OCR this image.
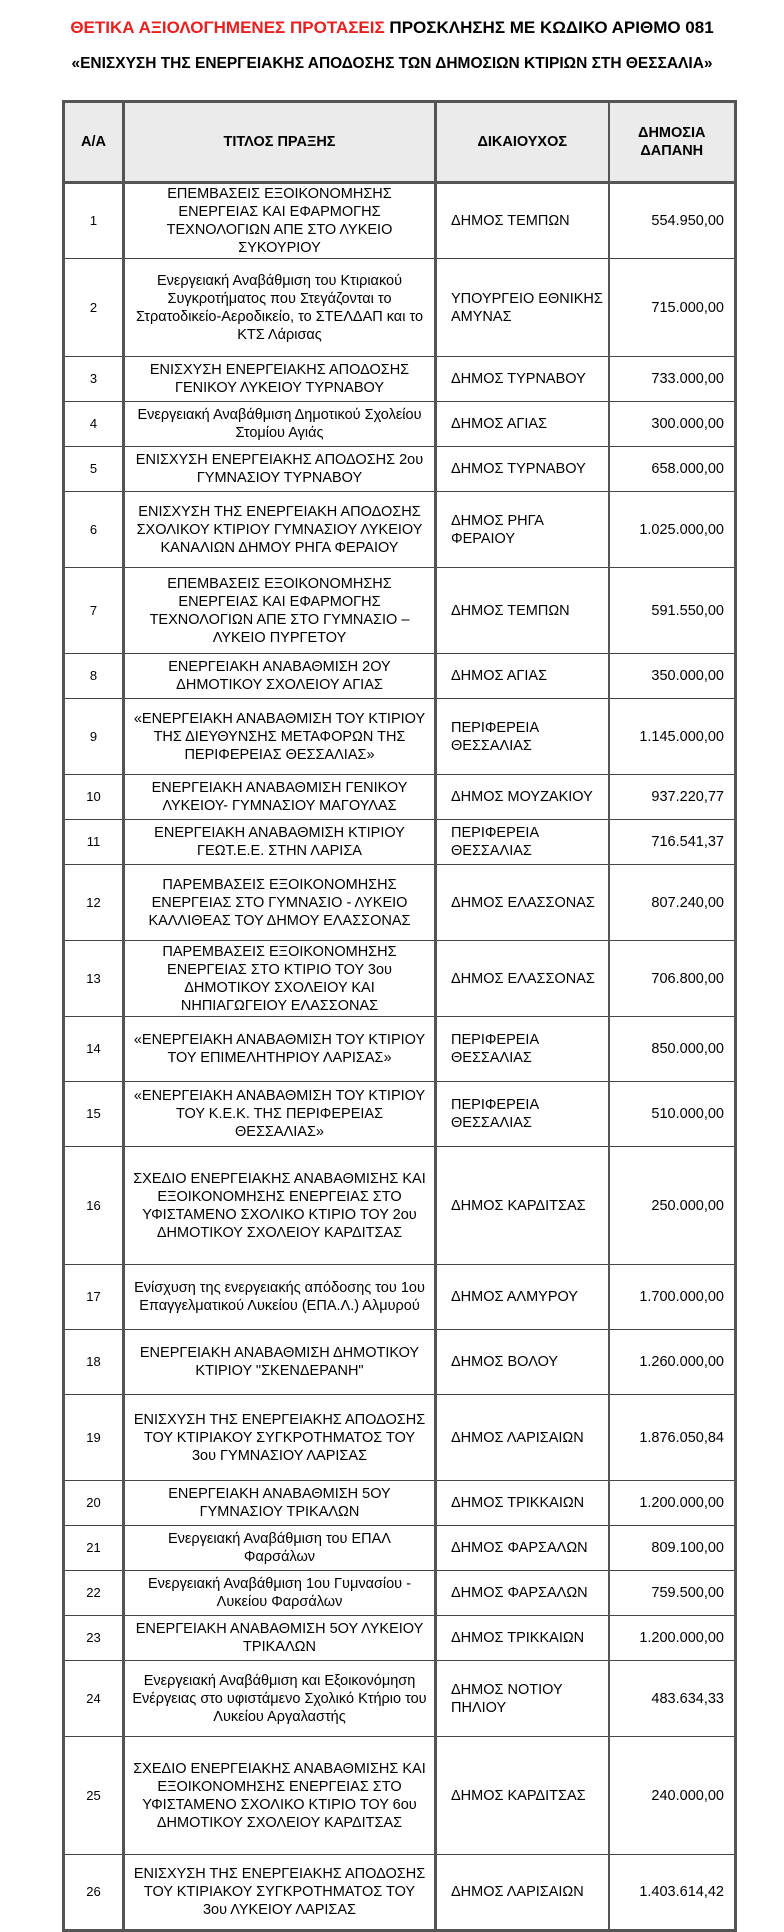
ΘΕΤΙΚΑ ΑΞΙΟΛΟΓΗΜΕΝΕΣ ΠΡΟΤΑΣΕΙΣ ΠΡΟΣΚΛΗΣΗΣ ΜΕ ΚΩΔΙΚΟ ΑΡΙΘΜΟ 081
«ΕΝΙΣΧΥΣΗ ΤΗΣ ΕΝΕΡΓΕΙΑΚΗΣ ΑΠΟΔΟΣΗΣ ΤΩΝ ΔΗΜΟΣΙΩΝ ΚΤΙΡΙΩΝ ΣΤΗ ΘΕΣΣΑΛΙΑ»
Α/Α	ΤΙΤΛΟΣ ΠΡΑΞΗΣ	ΔΙΚΑΙΟΥΧΟΣ	ΔΗΜΟΣΙΑ ΔΑΠΑΝΗ
1	ΕΠΕΜΒΑΣΕΙΣ ΕΞΟΙΚΟΝΟΜΗΣΗΣ ΕΝΕΡΓΕΙΑΣ ΚΑΙ ΕΦΑΡΜΟΓΗΣ ΤΕΧΝΟΛΟΓΙΩΝ ΑΠΕ ΣΤΟ ΛΥΚΕΙΟ ΣΥΚΟΥΡΙΟΥ	ΔΗΜΟΣ ΤΕΜΠΩΝ	554.950,00
2	Ενεργειακή Αναβάθμιση του Κτιριακού Συγκροτήματος που Στεγάζονται το Στρατοδικείο-Αεροδικείο, το ΣΤΕΛΔΑΠ και το ΚΤΣ Λάρισας	ΥΠΟΥΡΓΕΙΟ ΕΘΝΙΚΗΣ ΑΜΥΝΑΣ	715.000,00
3	ΕΝΙΣΧΥΣΗ ΕΝΕΡΓΕΙΑΚΗΣ ΑΠΟΔΟΣΗΣ ΓΕΝΙΚΟΥ ΛΥΚΕΙΟΥ ΤΥΡΝΑΒΟΥ	ΔΗΜΟΣ ΤΥΡΝΑΒΟΥ	733.000,00
4	Ενεργειακή Αναβάθμιση Δημοτικού Σχολείου Στομίου Αγιάς	ΔΗΜΟΣ ΑΓΙΑΣ	300.000,00
5	ΕΝΙΣΧΥΣΗ ΕΝΕΡΓΕΙΑΚΗΣ ΑΠΟΔΟΣΗΣ 2ου ΓΥΜΝΑΣΙΟΥ ΤΥΡΝΑΒΟΥ	ΔΗΜΟΣ ΤΥΡΝΑΒΟΥ	658.000,00
6	ΕΝΙΣΧΥΣΗ ΤΗΣ ΕΝΕΡΓΕΙΑΚΗ ΑΠΟΔΟΣΗΣ ΣΧΟΛΙΚΟΥ ΚΤΙΡΙΟΥ ΓΥΜΝΑΣΙΟΥ ΛΥΚΕΙΟΥ ΚΑΝΑΛΙΩΝ ΔΗΜΟΥ ΡΗΓΑ ΦΕΡΑΙΟΥ	ΔΗΜΟΣ ΡΗΓΑ ΦΕΡΑΙΟΥ	1.025.000,00
7	ΕΠΕΜΒΑΣΕΙΣ ΕΞΟΙΚΟΝΟΜΗΣΗΣ ΕΝΕΡΓΕΙΑΣ ΚΑΙ ΕΦΑΡΜΟΓΗΣ ΤΕΧΝΟΛΟΓΙΩΝ ΑΠΕ ΣΤΟ ΓΥΜΝΑΣΙΟ – ΛΥΚΕΙΟ ΠΥΡΓΕΤΟΥ	ΔΗΜΟΣ ΤΕΜΠΩΝ	591.550,00
8	ΕΝΕΡΓΕΙΑΚΗ ΑΝΑΒΑΘΜΙΣΗ 2ΟΥ ΔΗΜΟΤΙΚΟΥ ΣΧΟΛΕΙΟΥ ΑΓΙΑΣ	ΔΗΜΟΣ ΑΓΙΑΣ	350.000,00
9	«ΕΝΕΡΓΕΙΑΚΗ ΑΝΑΒΑΘΜΙΣΗ ΤΟΥ ΚΤΙΡΙΟΥ ΤΗΣ ΔΙΕΥΘΥΝΣΗΣ ΜΕΤΑΦΟΡΩΝ ΤΗΣ ΠΕΡΙΦΕΡΕΙΑΣ ΘΕΣΣΑΛΙΑΣ»	ΠΕΡΙΦΕΡΕΙΑ ΘΕΣΣΑΛΙΑΣ	1.145.000,00
10	ΕΝΕΡΓΕΙΑΚΗ ΑΝΑΒΑΘΜΙΣΗ ΓΕΝΙΚΟΥ ΛΥΚΕΙΟΥ- ΓΥΜΝΑΣΙΟΥ ΜΑΓΟΥΛΑΣ	ΔΗΜΟΣ ΜΟΥΖΑΚΙΟΥ	937.220,77
11	ΕΝΕΡΓΕΙΑΚΗ ΑΝΑΒΑΘΜΙΣΗ ΚΤΙΡΙΟΥ ΓΕΩΤ.Ε.Ε. ΣΤΗΝ ΛΑΡΙΣΑ	ΠΕΡΙΦΕΡΕΙΑ ΘΕΣΣΑΛΙΑΣ	716.541,37
12	ΠΑΡΕΜΒΑΣΕΙΣ ΕΞΟΙΚΟΝΟΜΗΣΗΣ ΕΝΕΡΓΕΙΑΣ ΣΤΟ ΓΥΜΝΑΣΙΟ - ΛΥΚΕΙΟ ΚΑΛΛΙΘΕΑΣ ΤΟΥ ΔΗΜΟΥ ΕΛΑΣΣΟΝΑΣ	ΔΗΜΟΣ ΕΛΑΣΣΟΝΑΣ	807.240,00
13	ΠΑΡΕΜΒΑΣΕΙΣ ΕΞΟΙΚΟΝΟΜΗΣΗΣ ΕΝΕΡΓΕΙΑΣ ΣΤΟ ΚΤΙΡΙΟ ΤΟΥ 3ου ΔΗΜΟΤΙΚΟΥ ΣΧΟΛΕΙΟΥ ΚΑΙ ΝΗΠΙΑΓΩΓΕΙΟΥ ΕΛΑΣΣΟΝΑΣ	ΔΗΜΟΣ ΕΛΑΣΣΟΝΑΣ	706.800,00
14	«ΕΝΕΡΓΕΙΑΚΗ ΑΝΑΒΑΘΜΙΣΗ ΤΟΥ ΚΤΙΡΙΟΥ ΤΟΥ ΕΠΙΜΕΛΗΤΗΡΙΟΥ ΛΑΡΙΣΑΣ»	ΠΕΡΙΦΕΡΕΙΑ ΘΕΣΣΑΛΙΑΣ	850.000,00
15	«ΕΝΕΡΓΕΙΑΚΗ ΑΝΑΒΑΘΜΙΣΗ ΤΟΥ ΚΤΙΡΙΟΥ ΤΟΥ Κ.Ε.Κ. ΤΗΣ ΠΕΡΙΦΕΡΕΙΑΣ ΘΕΣΣΑΛΙΑΣ»	ΠΕΡΙΦΕΡΕΙΑ ΘΕΣΣΑΛΙΑΣ	510.000,00
16	ΣΧΕΔΙΟ ΕΝΕΡΓΕΙΑΚΗΣ ΑΝΑΒΑΘΜΙΣΗΣ ΚΑΙ ΕΞΟΙΚΟΝΟΜΗΣΗΣ ΕΝΕΡΓΕΙΑΣ ΣΤΟ ΥΦΙΣΤΑΜΕΝΟ ΣΧΟΛΙΚΟ ΚΤΙΡΙΟ ΤΟΥ 2ου ΔΗΜΟΤΙΚΟΥ ΣΧΟΛΕΙΟΥ ΚΑΡΔΙΤΣΑΣ	ΔΗΜΟΣ ΚΑΡΔΙΤΣΑΣ	250.000,00
17	Ενίσχυση της ενεργειακής απόδοσης του 1ου Επαγγελματικού Λυκείου (ΕΠΑ.Λ.) Αλμυρού	ΔΗΜΟΣ ΑΛΜΥΡΟΥ	1.700.000,00
18	ΕΝΕΡΓΕΙΑΚΗ ΑΝΑΒΑΘΜΙΣΗ ΔΗΜΟΤΙΚΟΥ ΚΤΙΡΙΟΥ "ΣΚΕΝΔΕΡΑΝΗ"	ΔΗΜΟΣ ΒΟΛΟΥ	1.260.000,00
19	ΕΝΙΣΧΥΣΗ ΤΗΣ ΕΝΕΡΓΕΙΑΚΗΣ ΑΠΟΔΟΣΗΣ ΤΟΥ ΚΤΙΡΙΑΚΟΥ ΣΥΓΚΡΟΤΗΜΑΤΟΣ ΤΟΥ 3ου ΓΥΜΝΑΣΙΟΥ ΛΑΡΙΣΑΣ	ΔΗΜΟΣ ΛΑΡΙΣΑΙΩΝ	1.876.050,84
20	ΕΝΕΡΓΕΙΑΚΗ ΑΝΑΒΑΘΜΙΣΗ 5ΟΥ ΓΥΜΝΑΣΙΟΥ ΤΡΙΚΑΛΩΝ	ΔΗΜΟΣ ΤΡΙΚΚΑΙΩΝ	1.200.000,00
21	Ενεργειακή Αναβάθμιση του ΕΠΑΛ Φαρσάλων	ΔΗΜΟΣ ΦΑΡΣΑΛΩΝ	809.100,00
22	Ενεργειακή Αναβάθμιση 1ου Γυμνασίου - Λυκείου Φαρσάλων	ΔΗΜΟΣ ΦΑΡΣΑΛΩΝ	759.500,00
23	ΕΝΕΡΓΕΙΑΚΗ ΑΝΑΒΑΘΜΙΣΗ 5ΟΥ ΛΥΚΕΙΟΥ ΤΡΙΚΑΛΩΝ	ΔΗΜΟΣ ΤΡΙΚΚΑΙΩΝ	1.200.000,00
24	Ενεργειακή Αναβάθμιση και Εξοικονόμηση Ενέργειας στο υφιστάμενο Σχολικό Κτήριο του Λυκείου Αργαλαστής	ΔΗΜΟΣ ΝΟΤΙΟΥ ΠΗΛΙΟΥ	483.634,33
25	ΣΧΕΔΙΟ ΕΝΕΡΓΕΙΑΚΗΣ ΑΝΑΒΑΘΜΙΣΗΣ ΚΑΙ ΕΞΟΙΚΟΝΟΜΗΣΗΣ ΕΝΕΡΓΕΙΑΣ ΣΤΟ ΥΦΙΣΤΑΜΕΝΟ ΣΧΟΛΙΚΟ ΚΤΙΡΙΟ ΤΟΥ 6ου ΔΗΜΟΤΙΚΟΥ ΣΧΟΛΕΙΟΥ ΚΑΡΔΙΤΣΑΣ	ΔΗΜΟΣ ΚΑΡΔΙΤΣΑΣ	240.000,00
26	ΕΝΙΣΧΥΣΗ ΤΗΣ ΕΝΕΡΓΕΙΑΚΗΣ ΑΠΟΔΟΣΗΣ ΤΟΥ ΚΤΙΡΙΑΚΟΥ ΣΥΓΚΡΟΤΗΜΑΤΟΣ ΤΟΥ 3ου ΛΥΚΕΙΟΥ ΛΑΡΙΣΑΣ	ΔΗΜΟΣ ΛΑΡΙΣΑΙΩΝ	1.403.614,42
